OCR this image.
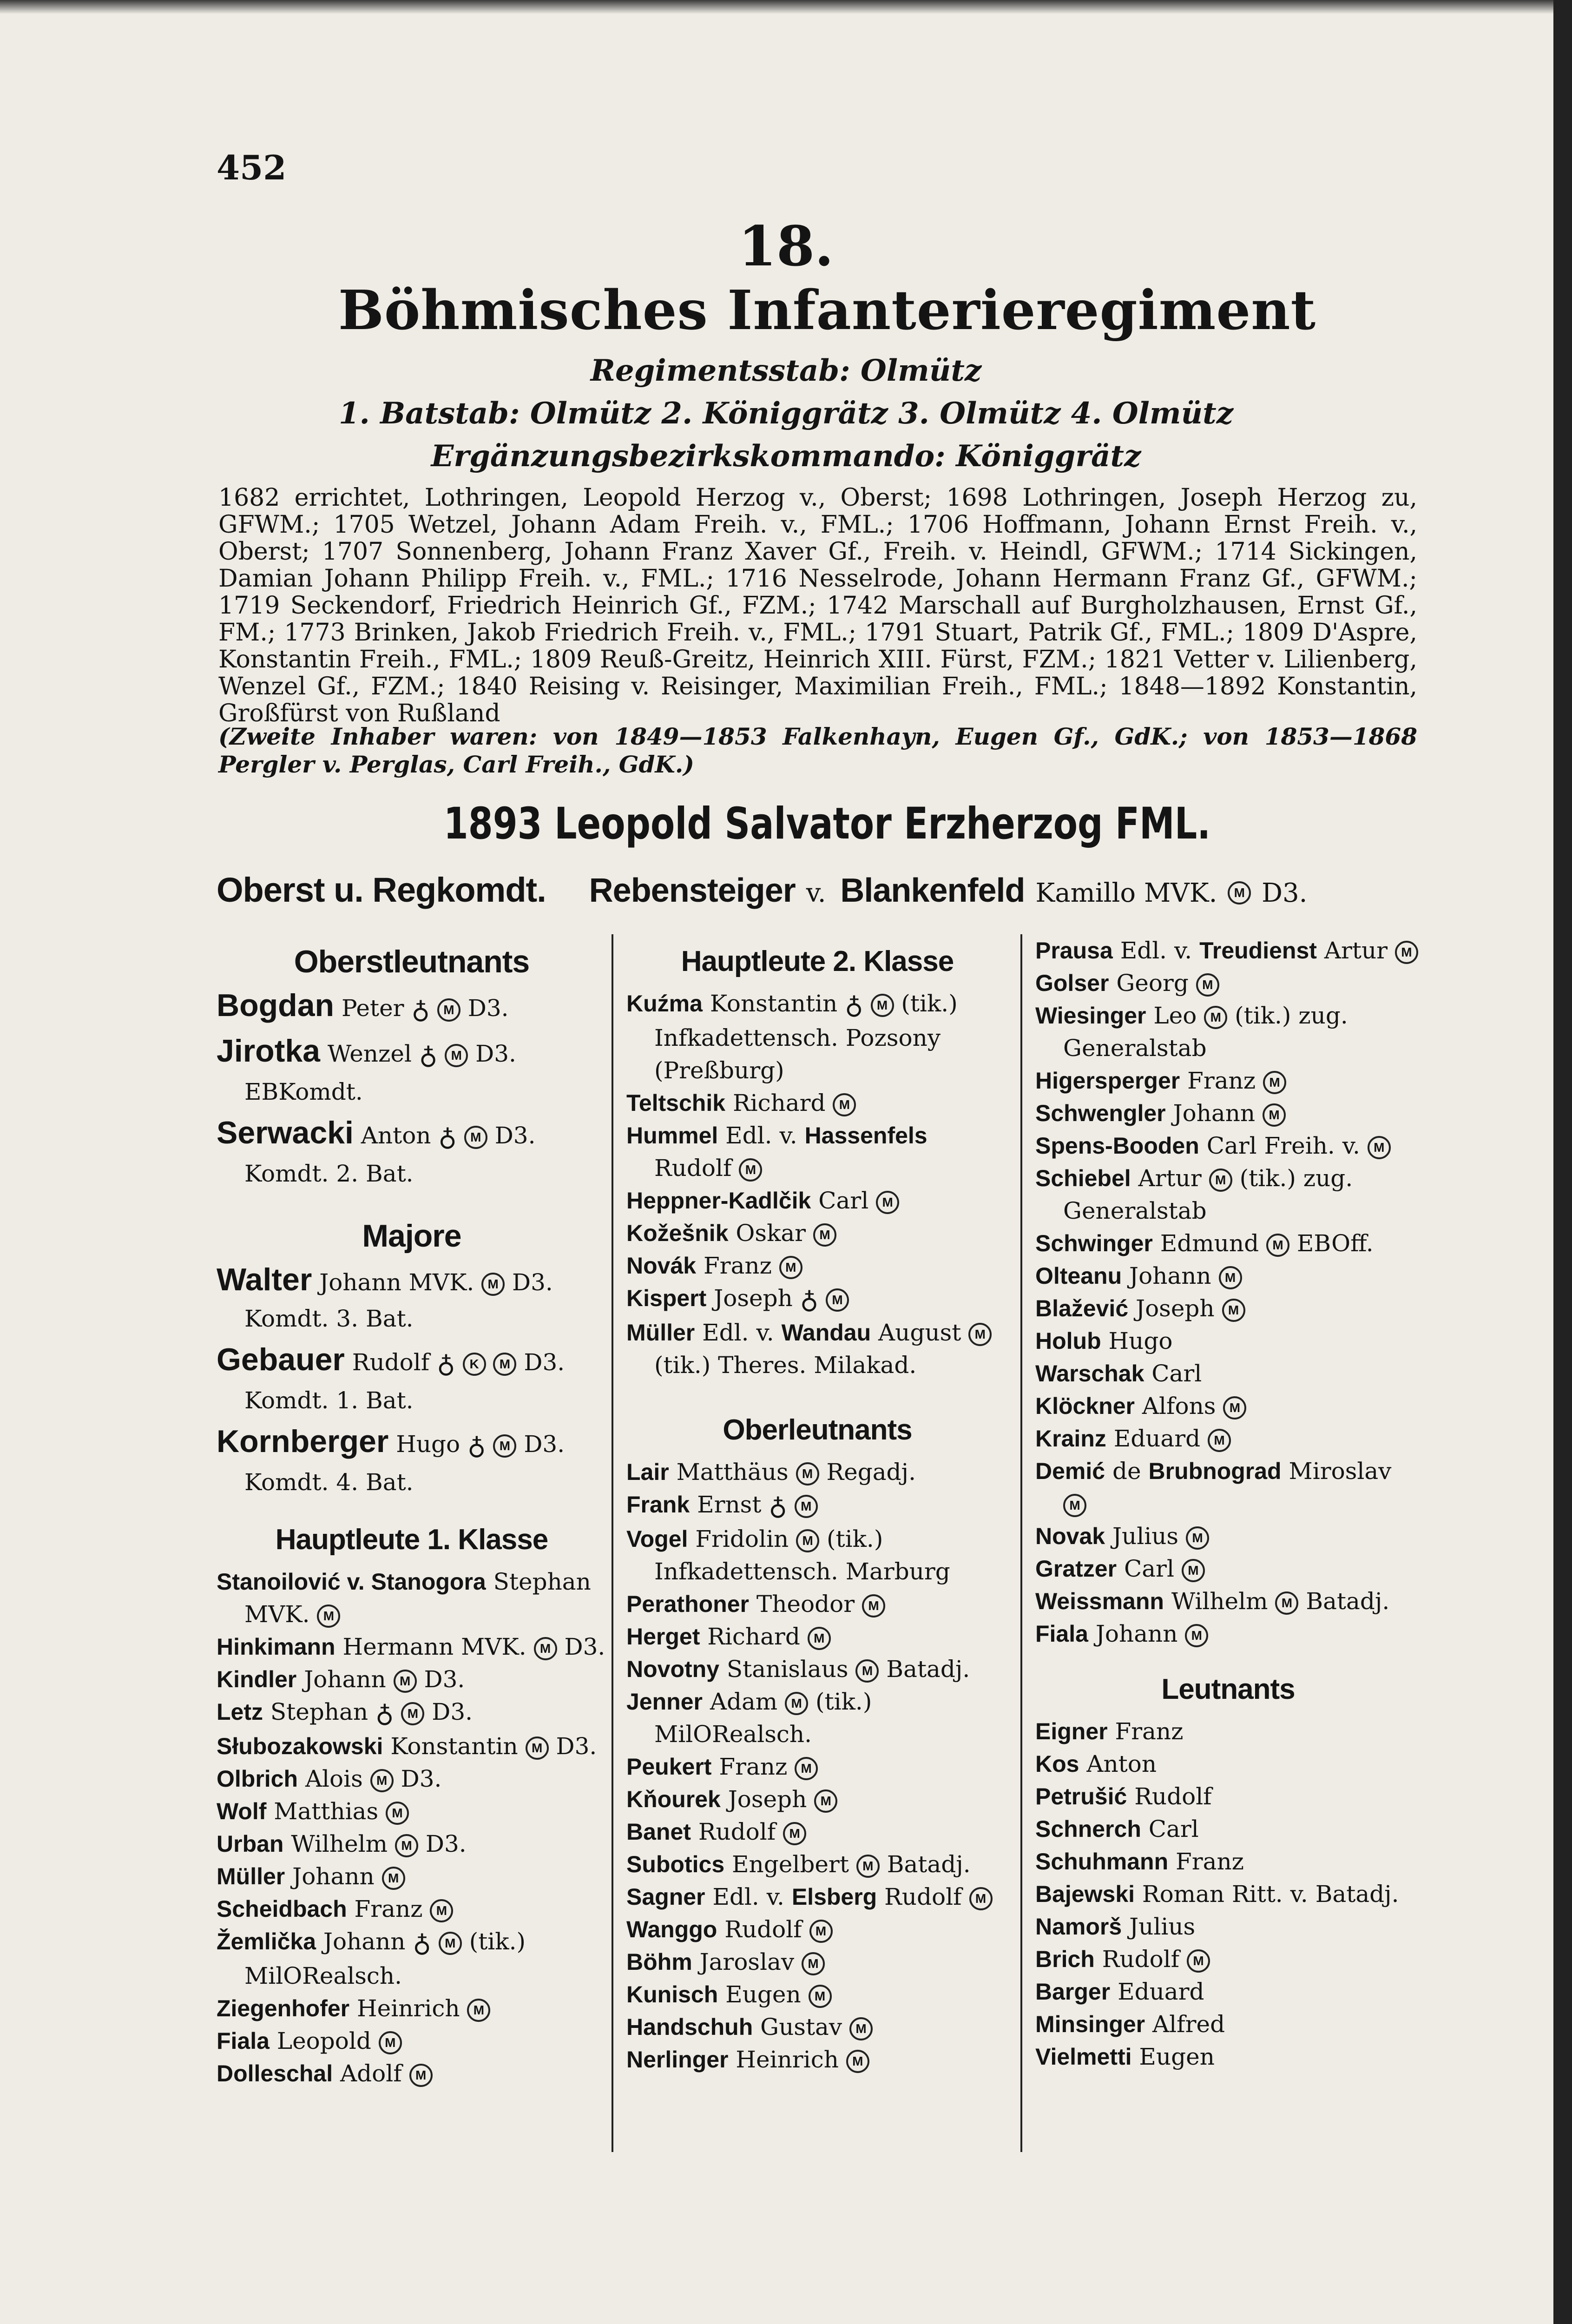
452
18.
Böhmisches Infanterieregiment
Regimentsstab: Olmütz
1. Batstab: Olmütz 2. Königgrätz 3. Olmütz 4. Olmütz
Ergänzungsbezirkskommando: Königgrätz
1682 errichtet, Lothringen, Leopold Herzog v., Oberst; 1698 Lothringen, Joseph Herzog zu, GFWM.; 1705 Wetzel, Johann Adam Freih. v., FML.; 1706 Hoffmann, Johann Ernst Freih. v., Oberst; 1707 Sonnenberg, Johann Franz Xaver Gf., Freih. v. Heindl, GFWM.; 1714 Sickingen, Damian Johann Philipp Freih. v., FML.; 1716 Nesselrode, Johann Hermann Franz Gf., GFWM.; 1719 Seckendorf, Friedrich Heinrich Gf., FZM.; 1742 Marschall auf Burgholzhausen, Ernst Gf., FM.; 1773 Brinken, Jakob Friedrich Freih. v., FML.; 1791 Stuart, Patrik Gf., FML.; 1809 D'Aspre, Konstantin Freih., FML.; 1809 Reuß-Greitz, Heinrich XIII. Fürst, FZM.; 1821 Vetter v. Lilienberg, Wenzel Gf., FZM.; 1840 Reising v. Reisinger, Maximilian Freih., FML.; 1848—1892 Konstantin, Großfürst von Rußland
(Zweite Inhaber waren: von 1849—1853 Falkenhayn, Eugen Gf., GdK.; von 1853—1868 Pergler v. Perglas, Carl Freih., GdK.)
1893 Leopold Salvator Erzherzog FML.
Oberst u. Regkomdt. Rebensteiger v. Blankenfeld Kamillo MVK. M D3.
Oberstleutnants
Bogdan Peter ♁ M D3.
Jirotka Wenzel ♁ M D3. EBKomdt.
Serwacki Anton ♁ M D3. Komdt. 2. Bat.
Majore
Walter Johann MVK. M D3. Komdt. 3. Bat.
Gebauer Rudolf ♁ K M D3. Komdt. 1. Bat.
Kornberger Hugo ♁ M D3. Komdt. 4. Bat.
Hauptleute 1. Klasse
Stanoilović v. Stanogora Stephan MVK. M
Hinkimann Hermann MVK. M D3.
Kindler Johann M D3.
Letz Stephan ♁ M D3.
Słubozakowski Konstantin M D3.
Olbrich Alois M D3.
Wolf Matthias M
Urban Wilhelm M D3.
Müller Johann M
Scheidbach Franz M
Žemlička Johann ♁ M (tik.) MilORealsch.
Ziegenhofer Heinrich M
Fiala Leopold M
Dolleschal Adolf M
Hauptleute 2. Klasse
Kuźma Konstantin ♁ M (tik.) Infkadettensch. Pozsony (Preßburg)
Teltschik Richard M
Hummel Edl. v. Hassenfels Rudolf M
Heppner-Kadlčik Carl M
Kožešnik Oskar M
Novák Franz M
Kispert Joseph ♁ M
Müller Edl. v. Wandau August M (tik.) Theres. Milakad.
Oberleutnants
Lair Matthäus M Regadj.
Frank Ernst ♁ M
Vogel Fridolin M (tik.) Infkadettensch. Marburg
Perathoner Theodor M
Herget Richard M
Novotny Stanislaus M Batadj.
Jenner Adam M (tik.) MilORealsch.
Peukert Franz M
Kňourek Joseph M
Banet Rudolf M
Subotics Engelbert M Batadj.
Sagner Edl. v. Elsberg Rudolf M
Wanggo Rudolf M
Böhm Jaroslav M
Kunisch Eugen M
Handschuh Gustav M
Nerlinger Heinrich M
Prausa Edl. v. Treudienst Artur M
Golser Georg M
Wiesinger Leo M (tik.) zug. Generalstab
Higersperger Franz M
Schwengler Johann M
Spens-Booden Carl Freih. v. M
Schiebel Artur M (tik.) zug. Generalstab
Schwinger Edmund M EBOff.
Olteanu Johann M
Blažević Joseph M
Holub Hugo
Warschak Carl
Klöckner Alfons M
Krainz Eduard M
Demić de Brubnograd Miroslav M
Novak Julius M
Gratzer Carl M
Weissmann Wilhelm M Batadj.
Fiala Johann M
Leutnants
Eigner Franz
Kos Anton
Petrušić Rudolf
Schnerch Carl
Schuhmann Franz
Bajewski Roman Ritt. v. Batadj.
Namorš Julius
Brich Rudolf M
Barger Eduard
Minsinger Alfred
Vielmetti Eugen
